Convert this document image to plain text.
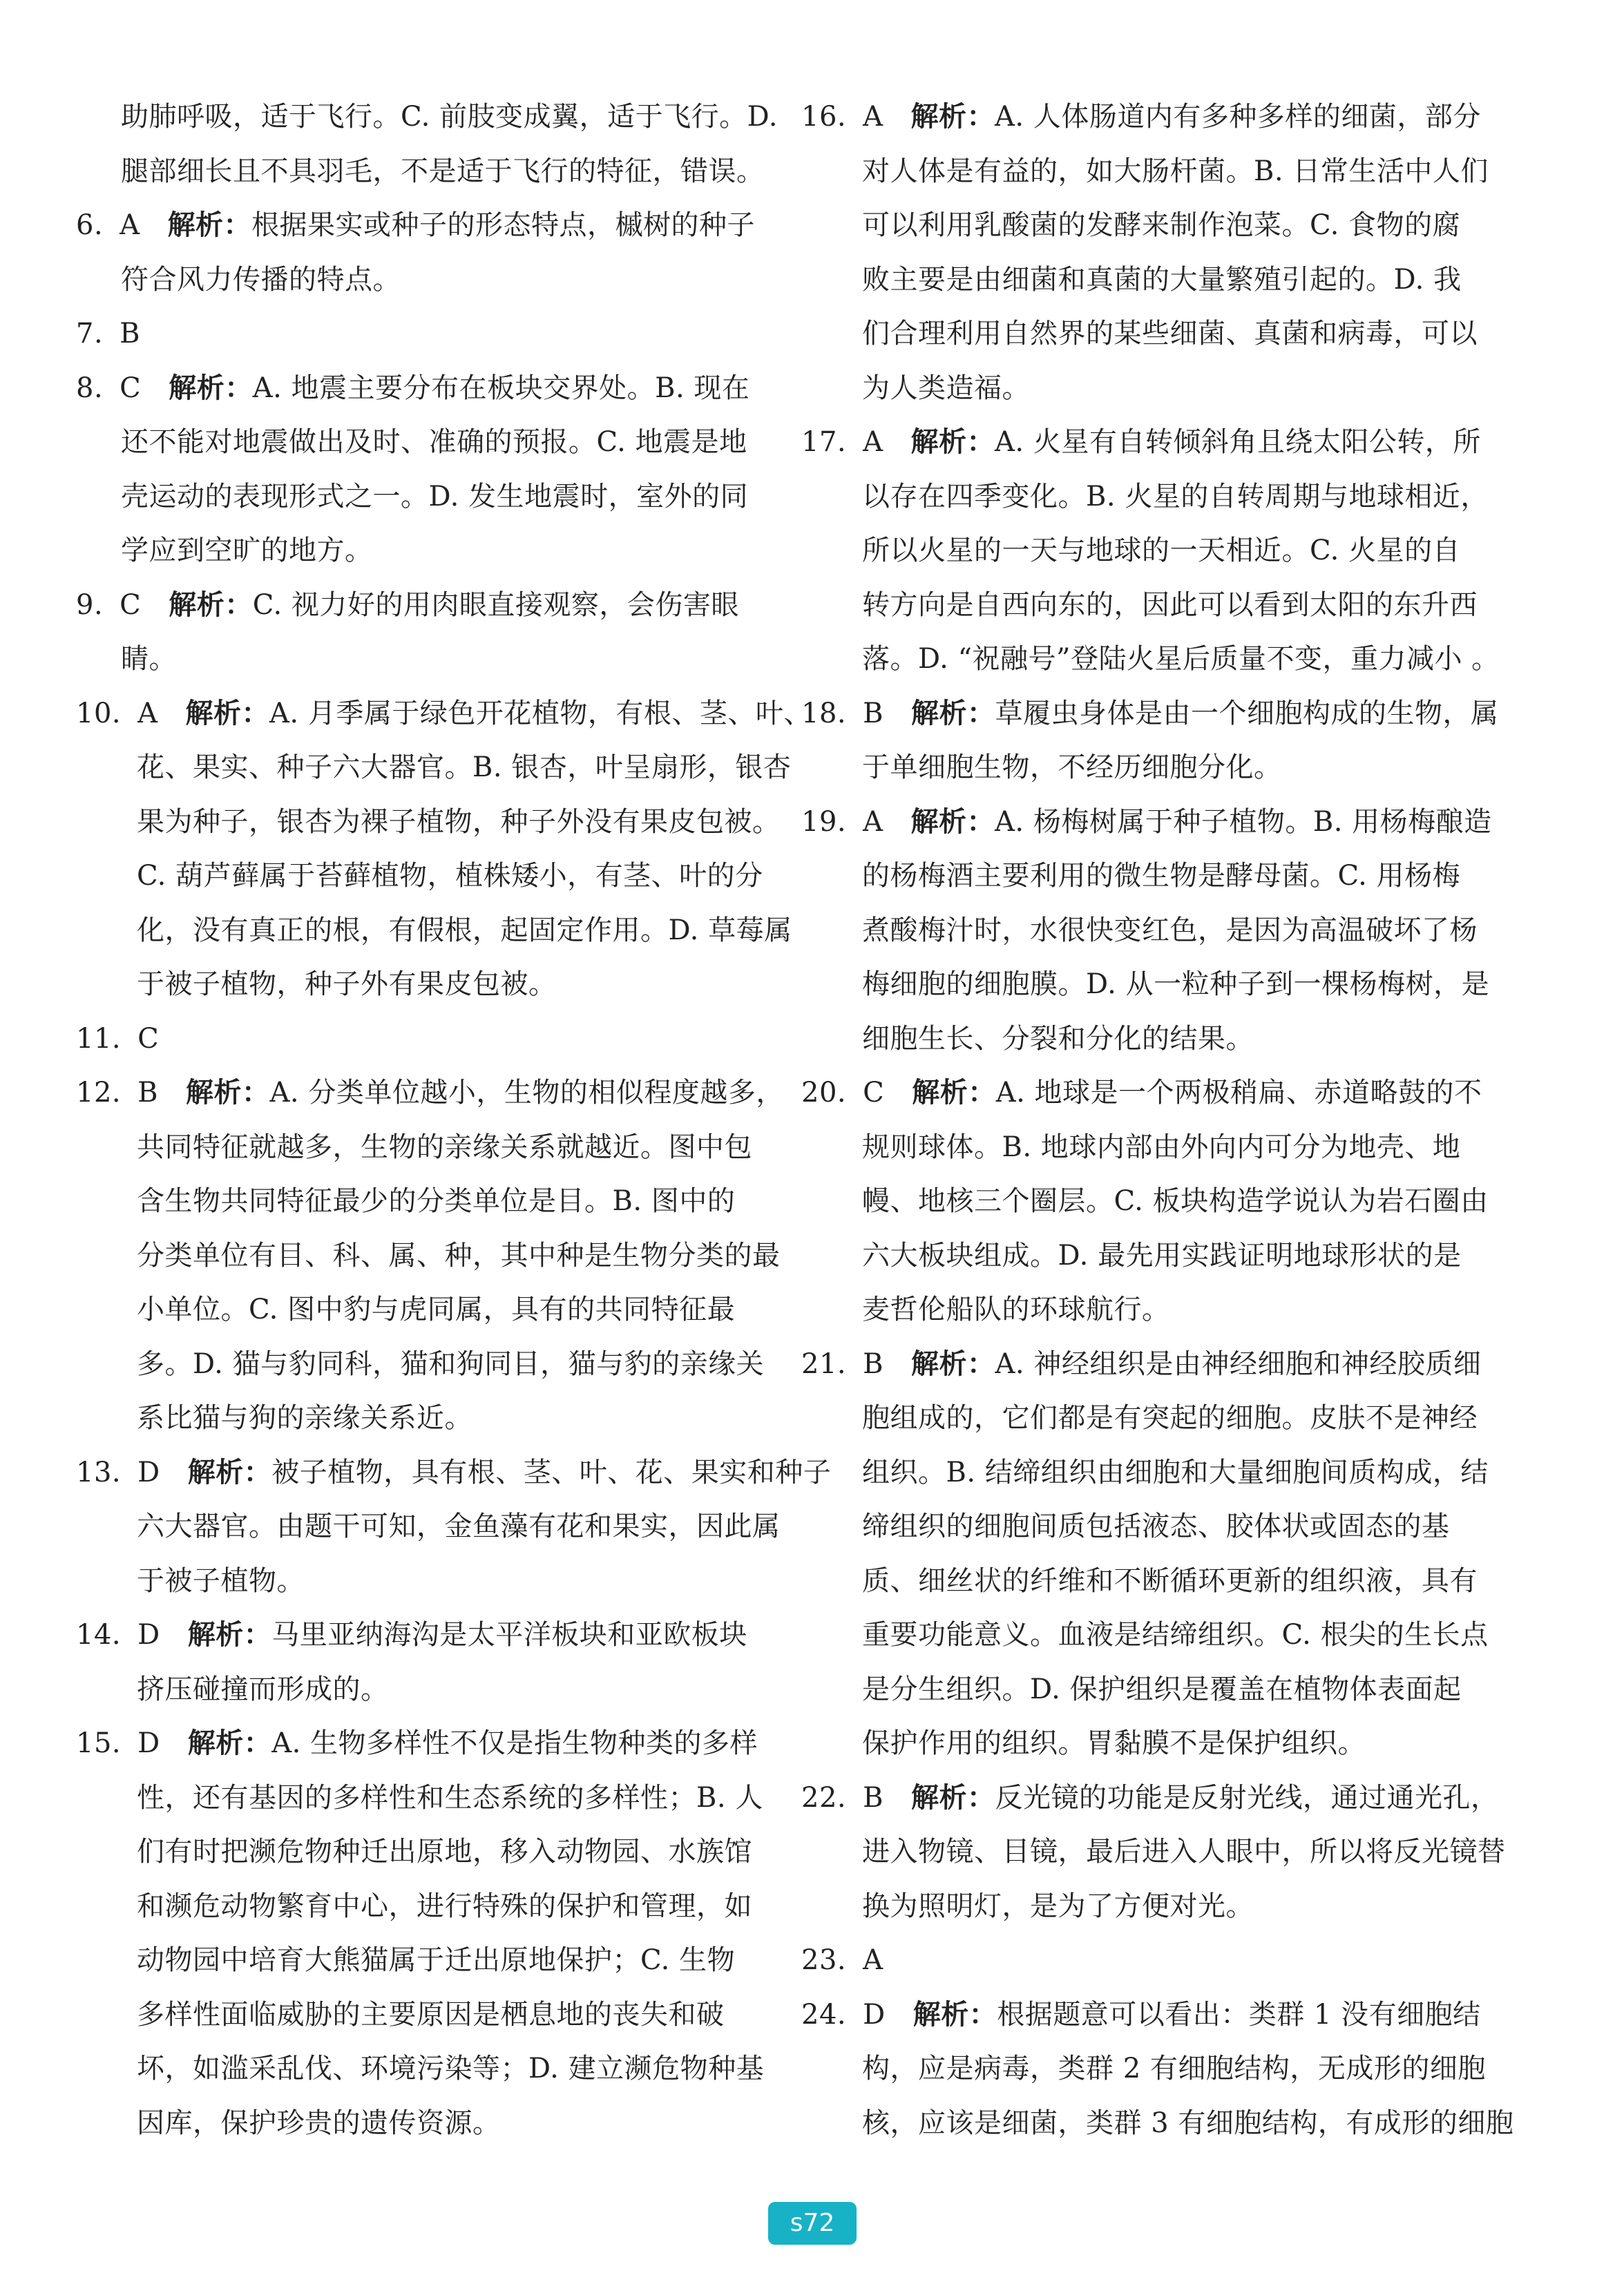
助肺呼吸，适于飞行。C. 前肢变成翼，适于飞行。D.
腿部细长且不具羽毛，不是适于飞行的特征，错误。
6. A 解析：根据果实或种子的形态特点，槭树的种子
符合风力传播的特点。
7. B
8. C 解析：A. 地震主要分布在板块交界处。B. 现在
还不能对地震做出及时、准确的预报。C. 地震是地
壳运动的表现形式之一。D. 发生地震时，室外的同
学应到空旷的地方。
9. C 解析：C. 视力好的用肉眼直接观察，会伤害眼
睛。
10. A 解析：A. 月季属于绿色开花植物，有根、茎、叶、
花、果实、种子六大器官。B. 银杏，叶呈扇形，银杏
果为种子，银杏为裸子植物，种子外没有果皮包被。
C. 葫芦藓属于苔藓植物，植株矮小，有茎、叶的分
化，没有真正的根，有假根，起固定作用。D. 草莓属
于被子植物，种子外有果皮包被。
11. C
12. B 解析：A. 分类单位越小，生物的相似程度越多，
共同特征就越多，生物的亲缘关系就越近。图中包
含生物共同特征最少的分类单位是目。B. 图中的
分类单位有目、科、属、种，其中种是生物分类的最
小单位。C. 图中豹与虎同属，具有的共同特征最
多。D. 猫与豹同科，猫和狗同目，猫与豹的亲缘关
系比猫与狗的亲缘关系近。
13. D 解析：被子植物，具有根、茎、叶、花、果实和种子
六大器官。由题干可知，金鱼藻有花和果实，因此属
于被子植物。
14. D 解析：马里亚纳海沟是太平洋板块和亚欧板块
挤压碰撞而形成的。
15. D 解析：A. 生物多样性不仅是指生物种类的多样
性，还有基因的多样性和生态系统的多样性；B. 人
们有时把濒危物种迁出原地，移入动物园、水族馆
和濒危动物繁育中心，进行特殊的保护和管理，如
动物园中培育大熊猫属于迁出原地保护；C. 生物
多样性面临威胁的主要原因是栖息地的丧失和破
坏，如滥采乱伐、环境污染等；D. 建立濒危物种基
因库，保护珍贵的遗传资源。
16. A 解析：A. 人体肠道内有多种多样的细菌，部分
对人体是有益的，如大肠杆菌。B. 日常生活中人们
可以利用乳酸菌的发酵来制作泡菜。C. 食物的腐
败主要是由细菌和真菌的大量繁殖引起的。D. 我
们合理利用自然界的某些细菌、真菌和病毒，可以
为人类造福。
17. A 解析：A. 火星有自转倾斜角且绕太阳公转，所
以存在四季变化。B. 火星的自转周期与地球相近，
所以火星的一天与地球的一天相近。C. 火星的自
转方向是自西向东的，因此可以看到太阳的东升西
落。D. “祝融号”登陆火星后质量不变，重力减小 。
18. B 解析：草履虫身体是由一个细胞构成的生物，属
于单细胞生物，不经历细胞分化。
19. A 解析：A. 杨梅树属于种子植物。B. 用杨梅酿造
的杨梅酒主要利用的微生物是酵母菌。C. 用杨梅
煮酸梅汁时，水很快变红色，是因为高温破坏了杨
梅细胞的细胞膜。D. 从一粒种子到一棵杨梅树，是
细胞生长、分裂和分化的结果。
20. C 解析：A. 地球是一个两极稍扁、赤道略鼓的不
规则球体。B. 地球内部由外向内可分为地壳、地
幔、地核三个圈层。C. 板块构造学说认为岩石圈由
六大板块组成。D. 最先用实践证明地球形状的是
麦哲伦船队的环球航行。
21. B 解析：A. 神经组织是由神经细胞和神经胶质细
胞组成的，它们都是有突起的细胞。皮肤不是神经
组织。B. 结缔组织由细胞和大量细胞间质构成，结
缔组织的细胞间质包括液态、胶体状或固态的基
质、细丝状的纤维和不断循环更新的组织液，具有
重要功能意义。血液是结缔组织。C. 根尖的生长点
是分生组织。D. 保护组织是覆盖在植物体表面起
保护作用的组织。胃黏膜不是保护组织。
22. B 解析：反光镜的功能是反射光线，通过通光孔，
进入物镜、目镜，最后进入人眼中，所以将反光镜替
换为照明灯，是为了方便对光。
23. A
24. D 解析：根据题意可以看出：类群 1 没有细胞结
构，应是病毒，类群 2 有细胞结构，无成形的细胞
核，应该是细菌，类群 3 有细胞结构，有成形的细胞
s72
